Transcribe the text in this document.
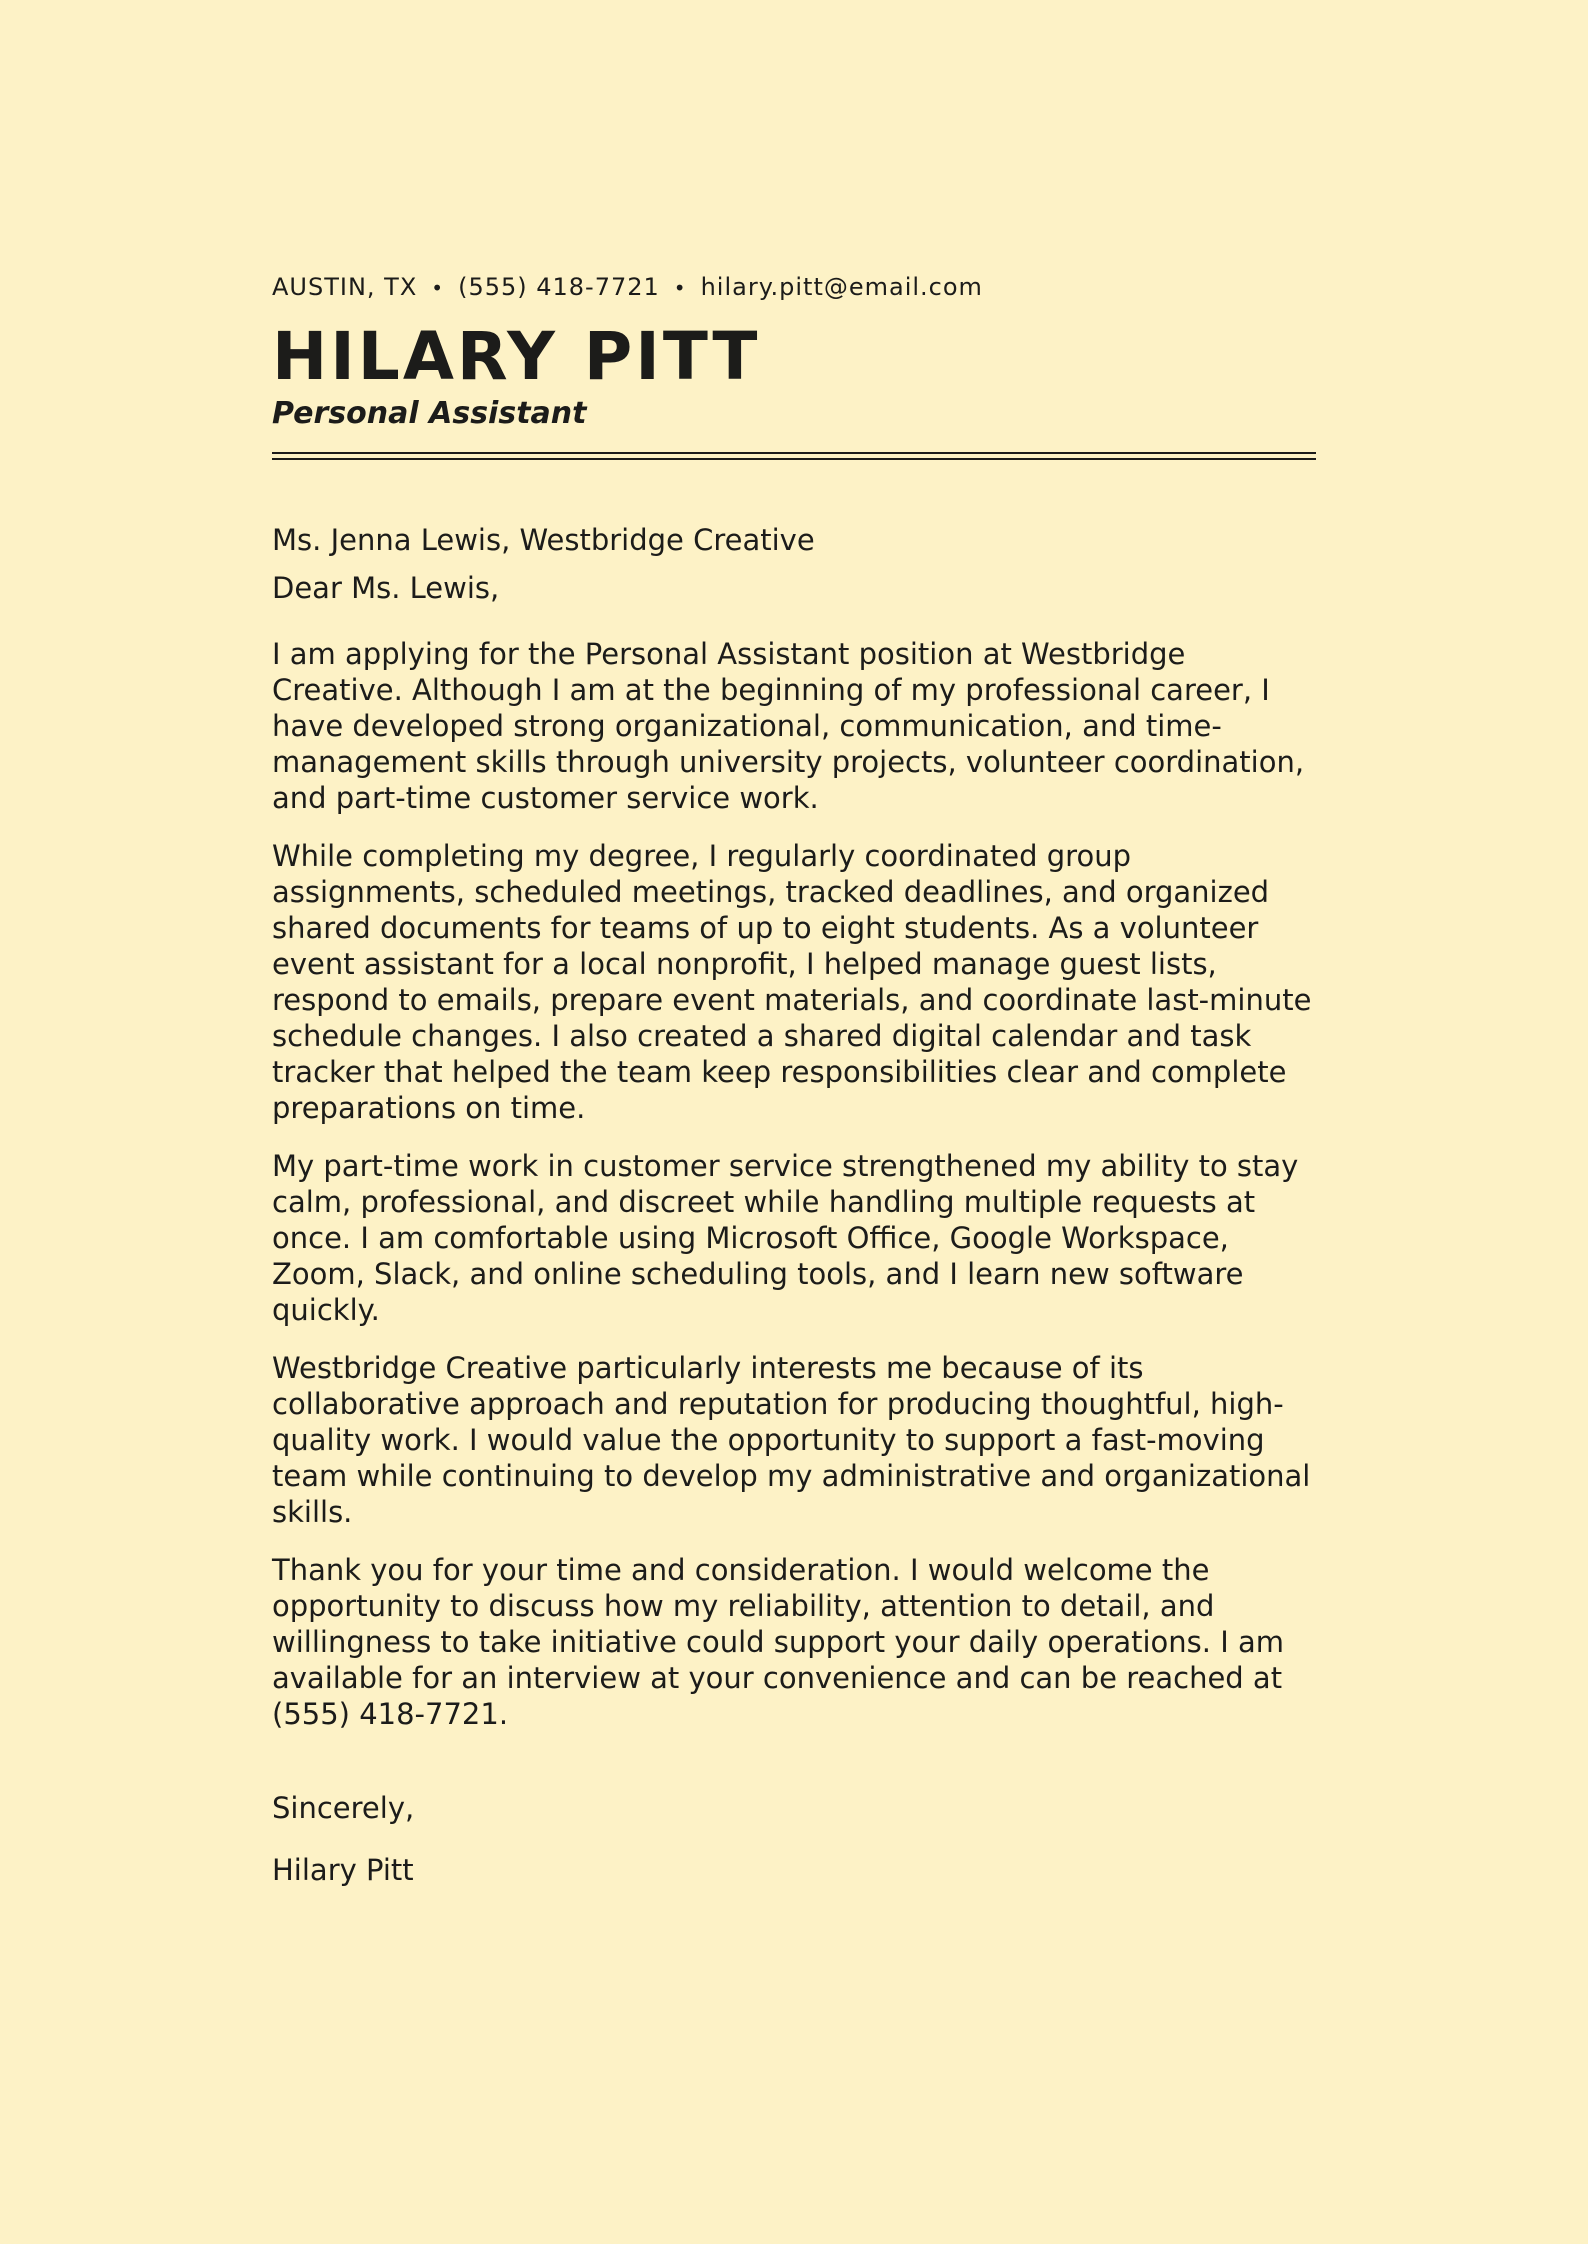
AUSTIN, TX • (555) 418-7721 • hilary.pitt@email.com
HILARY PITT
Personal Assistant
Ms. Jenna Lewis, Westbridge Creative
Dear Ms. Lewis,

I am applying for the Personal Assistant position at Westbridge Creative. Although I am at the beginning of my professional career, I have developed strong organizational, communication, and time-management skills through university projects, volunteer coordination, and part-time customer service work.

While completing my degree, I regularly coordinated group assignments, scheduled meetings, tracked deadlines, and organized shared documents for teams of up to eight students. As a volunteer event assistant for a local nonprofit, I helped manage guest lists, respond to emails, prepare event materials, and coordinate last-minute schedule changes. I also created a shared digital calendar and task tracker that helped the team keep responsibilities clear and complete preparations on time.

My part-time work in customer service strengthened my ability to stay calm, professional, and discreet while handling multiple requests at once. I am comfortable using Microsoft Office, Google Workspace, Zoom, Slack, and online scheduling tools, and I learn new software quickly.

Westbridge Creative particularly interests me because of its collaborative approach and reputation for producing thoughtful, high-quality work. I would value the opportunity to support a fast-moving team while continuing to develop my administrative and organizational skills.

Thank you for your time and consideration. I would welcome the opportunity to discuss how my reliability, attention to detail, and willingness to take initiative could support your daily operations. I am available for an interview at your convenience and can be reached at (555) 418-7721.

Sincerely,
Hilary Pitt
